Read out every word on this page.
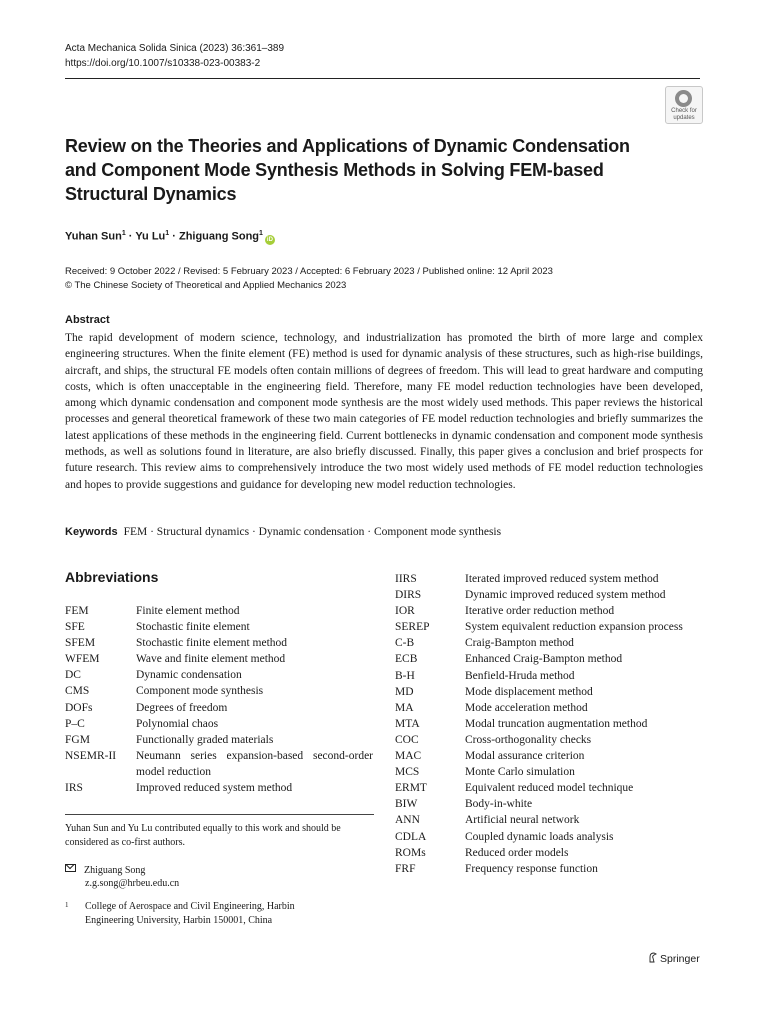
Acta Mechanica Solida Sinica (2023) 36:361–389
https://doi.org/10.1007/s10338-023-00383-2
Check for
updates
Review on the Theories and Applications of Dynamic Condensation and Component Mode Synthesis Methods in Solving FEM-based Structural Dynamics
Yuhan Sun$^1$ · Yu $Lu^1$ · Zhiguang Song$^1$iD
Received: 9 October 2022 / Revised: 5 February 2023 / Accepted: 6 February 2023 / Published online: 12 April 2023
© The Chinese Society of Theoretical and Applied Mechanics 2023
Abstract
The rapid development of modern science, technology, and industrialization has promoted the birth of more large and complex engineering structures. When the finite element (FE) method is used for dynamic analysis of these structures, such as high-rise buildings, aircraft, and ships, the structural FE models often contain millions of degrees of freedom. This will lead to great hardware and computing costs, which is often unacceptable in the engineering field. Therefore, many FE model reduction technologies have been developed, among which dynamic condensation and component mode synthesis are the most widely used methods. This paper reviews the historical processes and general theoretical framework of these two main categories of FE model reduction technologies and briefly summarizes the latest applications of these methods in the engineering field. Current bottlenecks in dynamic condensation and component mode synthesis methods, as well as solutions found in literature, are also briefly discussed. Finally, this paper gives a conclusion and brief prospects for future research. This review aims to comprehensively introduce the two most widely used methods of FE model reduction technologies and hopes to provide suggestions and guidance for developing new model reduction technologies.
Keywords FEM · Structural dynamics · Dynamic condensation · Component mode synthesis
Abbreviations
FEM	Finite element method
SFE	Stochastic finite element
SFEM	Stochastic finite element method
WFEM	Wave and finite element method
DC	Dynamic condensation
CMS	Component mode synthesis
DOFs	Degrees of freedom
P–C	Polynomial chaos
FGM	Functionally graded materials
NSEMR-II	Neumann series expansion-based second-order model reduction
IRS	Improved reduced system method
IIRS	Iterated improved reduced system method
DIRS	Dynamic improved reduced system method
IOR	Iterative order reduction method
SEREP	System equivalent reduction expansion process
C-B	Craig-Bampton method
ECB	Enhanced Craig-Bampton method
B-H	Benfield-Hruda method
MD	Mode displacement method
MA	Mode acceleration method
MTA	Modal truncation augmentation method
COC	Cross-orthogonality checks
MAC	Modal assurance criterion
MCS	Monte Carlo simulation
ERMT	Equivalent reduced model technique
BIW	Body-in-white
ANN	Artificial neural network
CDLA	Coupled dynamic loads analysis
ROMs	Reduced order models
FRF	Frequency response function
Yuhan Sun and Yu Lu contributed equally to this work and should be considered as co-first authors.
Zhiguang Song
z.g.song@hrbeu.edu.cn
1	College of Aerospace and Civil Engineering, Harbin Engineering University, Harbin 150001, China
Springer
